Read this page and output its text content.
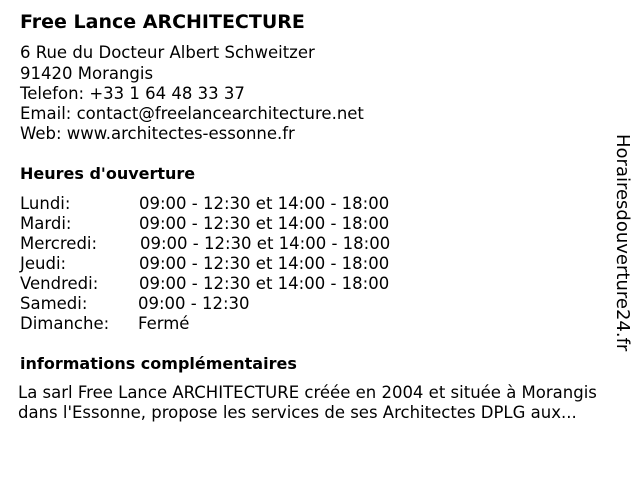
Free Lance ARCHITECTURE
6 Rue du Docteur Albert Schweitzer
91420 Morangis
Telefon: +33 1 64 48 33 37
Email: contact@freelancearchitecture.net
Web: www.architectes-essonne.fr
Heures d'ouverture
Lundi:	09:00 - 12:30 et 14:00 - 18:00
Mardi:	09:00 - 12:30 et 14:00 - 18:00
Mercredi:	09:00 - 12:30 et 14:00 - 18:00
Jeudi:	09:00 - 12:30 et 14:00 - 18:00
Vendredi: 09:00 - 12:30 et 14:00 - 18:00
Samedi:	09:00 - 12:30
Dimanche: Fermé
informations complémentaires

La sarl Free Lance ARCHITECTURE créée en 2004 et située à Morangis

dans l'Essonne, propose les services de ses Architectes DPLG aux...

Horairesdouverture24.fr
